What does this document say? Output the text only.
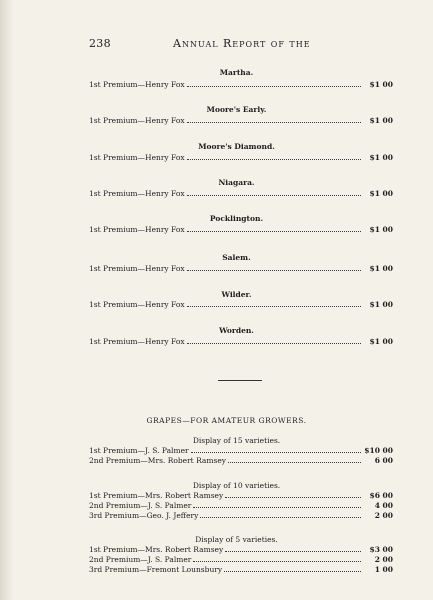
238	Annual Report of the
Martha.
1st Premium—Henry Fox	$1 00
Moore's Early.
1st Premium—Henry Fox	$1 00
Moore's Diamond.
1st Premium—Henry Fox	$1 00
Niagara.
1st Premium—Henry Fox	$1 00
Pocklington.
1st Premium—Henry Fox	$1 00
Salem.
1st Premium—Henry Fox	$1 00
Wilder.
1st Premium—Henry Fox	$1 00
Worden.
1st Premium—Henry Fox	$1 00
GRAPES—FOR AMATEUR GROWERS.
Display of 15 varieties.
1st Premium—J. S. Palmer	$10 00
2nd Premium—Mrs. Robert Ramsey	6 00
Display of 10 varieties.
1st Premium—Mrs. Robert Ramsey	$6 00
2nd Premium—J. S. Palmer	4 00
3rd Premium—Geo. J. Jeffery	2 00
Display of 5 varieties.
1st Premium—Mrs. Robert Ramsey	$3 00
2nd Premium—J. S. Palmer	2 00
3rd Premium—Fremont Lounsbury	1 00
